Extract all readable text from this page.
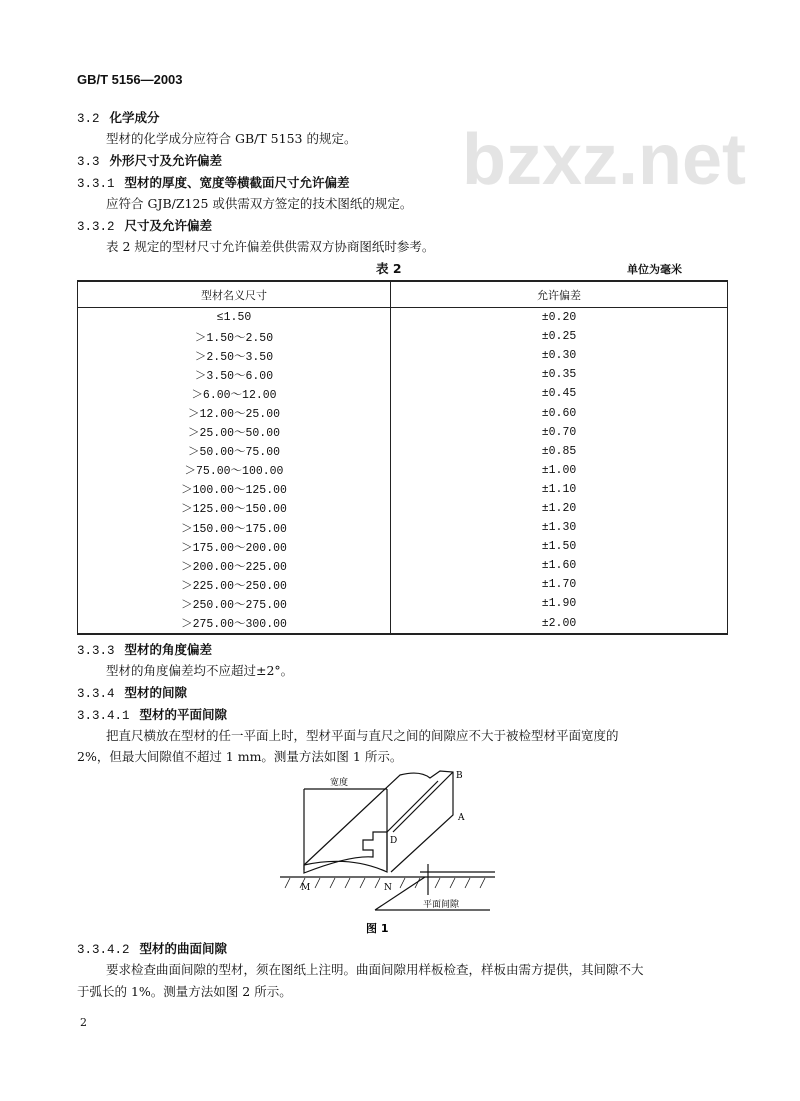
bzxz.net
GB/T 5156—2003
3.2 化学成分
型材的化学成分应符合 GB/T 5153 的规定。
3.3 外形尺寸及允许偏差
3.3.1 型材的厚度、宽度等横截面尺寸允许偏差
应符合 GJB/Z125 或供需双方签定的技术图纸的规定。
3.3.2 尺寸及允许偏差
表 2 规定的型材尺寸允许偏差供供需双方协商图纸时参考。
表 2	单位为毫米
型材名义尺寸	允许偏差
≤1.50	±0.20
＞1.50～2.50	±0.25
＞2.50～3.50	±0.30
＞3.50～6.00	±0.35
＞6.00～12.00	±0.45
＞12.00～25.00	±0.60
＞25.00～50.00	±0.70
＞50.00～75.00	±0.85
＞75.00～100.00	±1.00
＞100.00～125.00	±1.10
＞125.00～150.00	±1.20
＞150.00～175.00	±1.30
＞175.00～200.00	±1.50
＞200.00～225.00	±1.60
＞225.00～250.00	±1.70
＞250.00～275.00	±1.90
＞275.00～300.00	±2.00
3.3.3 型材的角度偏差
型材的角度偏差均不应超过±2°。
3.3.4 型材的间隙
3.3.4.1 型材的平面间隙
把直尺横放在型材的任一平面上时，型材平面与直尺之间的间隙应不大于被检型材平面宽度的
2%，但最大间隙值不超过 1 mm。测量方法如图 1 所示。
宽度
B
A
D
M	N
平面间隙
图 1
3.3.4.2 型材的曲面间隙
要求检查曲面间隙的型材，须在图纸上注明。曲面间隙用样板检查，样板由需方提供，其间隙不大
于弧长的 1%。测量方法如图 2 所示。
2
